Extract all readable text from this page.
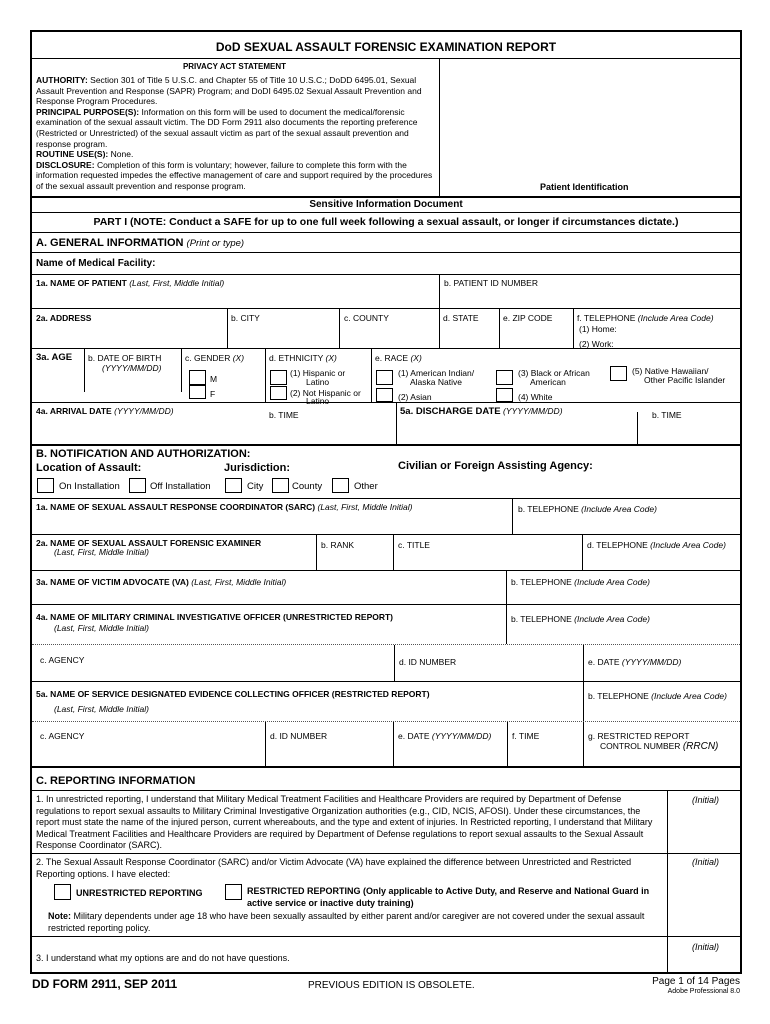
DoD SEXUAL ASSAULT FORENSIC EXAMINATION REPORT
PRIVACY ACT STATEMENT
AUTHORITY: Section 301 of Title 5 U.S.C. and Chapter 55 of Title 10 U.S.C.; DoDD 6495.01, Sexual Assault Prevention and Response (SAPR) Program; and DoDI 6495.02 Sexual Assault Prevention and Response Program Procedures.
PRINCIPAL PURPOSE(S): Information on this form will be used to document the medical/forensic examination of the sexual assault victim. The DD Form 2911 also documents the reporting preference (Restricted or Unrestricted) of the sexual assault victim as part of the sexual assault prevention and response program.
ROUTINE USE(S): None.
DISCLOSURE: Completion of this form is voluntary; however, failure to complete this form with the information requested impedes the effective management of care and support required by the procedures of the sexual assault prevention and response program.	Patient Identification
Sensitive Information Document
PART I (NOTE: Conduct a SAFE for up to one full week following a sexual assault, or longer if circumstances dictate.)
A. GENERAL INFORMATION (Print or type)
Name of Medical Facility:
1a. NAME OF PATIENT (Last, First, Middle Initial)	b. PATIENT ID NUMBER
2a. ADDRESS	b. CITY	c. COUNTY	d. STATE	e. ZIP CODE	f. TELEPHONE (Include Area Code)
(1) Home:
(2) Work:
3a. AGE b. DATE OF BIRTH
(YYYY/MM/DD)
c. GENDER (X)
M
F
d. ETHNICITY (X)
(1) Hispanic or
Latino
(2) Not Hispanic or
Latino
e. RACE (X)
(1) American Indian/
Alaska Native
(2) Asian
(3) Black or African
American
(4) White
(5) Native Hawaiian/
Other Pacific Islander
4a. ARRIVAL DATE (YYYY/MM/DD)	b. TIME	5a. DISCHARGE DATE (YYYY/MM/DD)	b. TIME
B. NOTIFICATION AND AUTHORIZATION:
Location of Assault:	Jurisdiction:	Civilian or Foreign Assisting Agency:
On Installation	Off Installation	City	County	Other
1a. NAME OF SEXUAL ASSAULT RESPONSE COORDINATOR (SARC) (Last, First, Middle Initial)	b. TELEPHONE (Include Area Code)
2a. NAME OF SEXUAL ASSAULT FORENSIC EXAMINER
(Last, First, Middle Initial)
b. RANK	c. TITLE	d. TELEPHONE (Include Area Code)
3a. NAME OF VICTIM ADVOCATE (VA) (Last, First, Middle Initial)	b. TELEPHONE (Include Area Code)
4a. NAME OF MILITARY CRIMINAL INVESTIGATIVE OFFICER (UNRESTRICTED REPORT)
(Last, First, Middle Initial)
b. TELEPHONE (Include Area Code)
c. AGENCY	d. ID NUMBER	e. DATE (YYYY/MM/DD)
5a. NAME OF SERVICE DESIGNATED EVIDENCE COLLECTING OFFICER (RESTRICTED REPORT)
(Last, First, Middle Initial)
b. TELEPHONE (Include Area Code)
c. AGENCY	d. ID NUMBER	e. DATE (YYYY/MM/DD) f. TIME	g. RESTRICTED REPORT
CONTROL NUMBER (RRCN)
C. REPORTING INFORMATION
1. In unrestricted reporting, I understand that Military Medical Treatment Facilities and Healthcare Providers are required by Department of Defense regulations to report sexual assaults to Military Criminal Investigative Organization authorities (e.g., CID, NCIS, AFOSI). Under these circumstances, the report must state the name of the injured person, current whereabouts, and the type and extent of injuries. In Restricted reporting, I understand that Military Medical Treatment Facilities and Healthcare Providers are required by Department of Defense regulations to report sexual assaults to the Sexual Assault Response Coordinator (SARC).
(Initial)
2. The Sexual Assault Response Coordinator (SARC) and/or Victim Advocate (VA) have explained the difference between Unrestricted and Restricted Reporting options. I have elected:
(Initial)
UNRESTRICTED REPORTING	RESTRICTED REPORTING (Only applicable to Active Duty, and Reserve and National Guard in active service or inactive duty training)
Note: Military dependents under age 18 who have been sexually assaulted by either parent and/or caregiver are not covered under the sexual assault restricted reporting policy.
3. I understand what my options are and do not have questions.
(Initial)
DD FORM 2911, SEP 2011	PREVIOUS EDITION IS OBSOLETE.	Page 1 of 14 Pages
Adobe Professional 8.0
